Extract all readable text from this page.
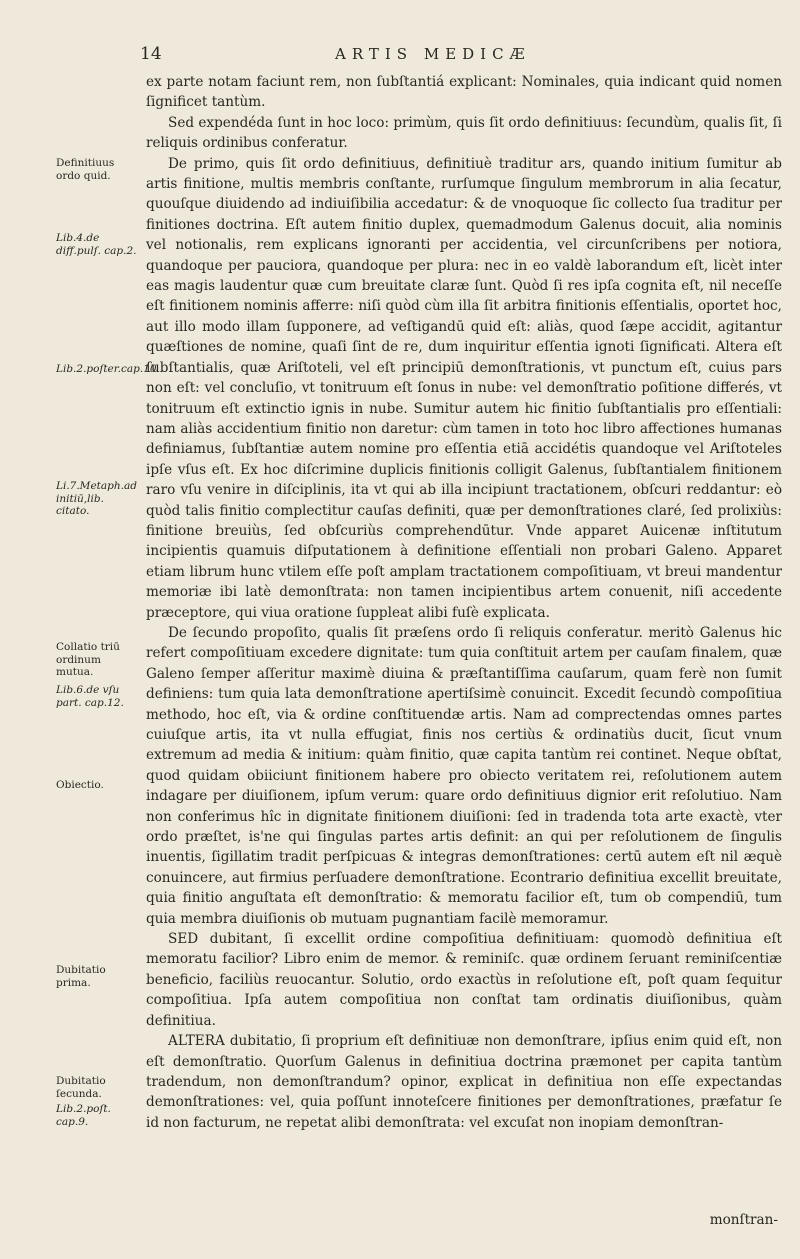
14	ARTIS MEDICÆ

ex parte notam faciunt rem, non ſubſtantiá explicant: Nominales, quia indicant quid nomen ſignificet tantùm.

Sed expendéda ſunt in hoc loco: primùm, quis ſit ordo definitiuus: ſecundùm, qualis ſit, ſi reliquis ordinibus conferatur.

De primo, quis ſit ordo definitiuus, definitiuè traditur ars, quando initium ſumitur ab artis finitione, multis membris conſtante, rurſumque ſingulum membrorum in alia ſecatur, quouſque diuidendo ad indiuiſibilia accedatur: & de vnoquoque ſic collecto ſua traditur per finitiones doctrina. Eſt autem finitio duplex, quemadmodum Galenus docuit, alia nominis vel notionalis, rem explicans ignoranti per accidentia, vel circunſcribens per notiora, quandoque per pauciora, quandoque per plura: nec in eo valdè laborandum eſt, licèt inter eas magis laudentur quæ cum breuitate claræ ſunt. Quòd ſi res ipſa cognita eſt, nil neceſſe eſt finitionem nominis afferre: niſi quòd cùm illa ſit arbitra finitionis eſſentialis, oportet hoc, aut illo modo illam ſupponere, ad veſtigandū quid eſt: aliàs, quod ſæpe accidit, agitantur quæſtiones de nomine, quaſi ſint de re, dum inquiritur eſſentia ignoti ſignificati. Altera eſt ſubſtantialis, quæ Ariſtoteli, vel eſt principiū demonſtrationis, vt punctum eſt, cuius pars non eſt: vel concluſio, vt tonitruum eſt ſonus in nube: vel demonſtratio poſitione differés, vt tonitruum eſt extinctio ignis in nube. Sumitur autem hic finitio ſubſtantialis pro eſſentiali: nam aliàs accidentium finitio non daretur: cùm tamen in toto hoc libro affectiones humanas definiamus, ſubſtantiæ autem nomine pro eſſentia etiā accidétis quandoque vel Ariſtoteles ipſe vſus eſt. Ex hoc diſcrimine duplicis finitionis colligit Galenus, ſubſtantialem finitionem raro vſu venire in diſciplinis, ita vt qui ab illa incipiunt tractationem, obſcuri reddantur: eò quòd talis finitio complectitur cauſas definiti, quæ per demonſtrationes claré, ſed prolixiùs: finitione breuiùs, ſed obſcuriùs comprehendūtur. Vnde apparet Auicenæ inſtitutum incipientis quamuis diſputationem à definitione eſſentiali non probari Galeno. Apparet etiam librum hunc vtilem eſſe poſt amplam tractationem compoſitiuam, vt breui mandentur memoriæ ibi latè demonſtrata: non tamen incipientibus artem conuenit, niſi accedente præceptore, qui viua oratione ſuppleat alibi fuſè explicata.

De ſecundo propoſito, qualis ſit præſens ordo ſi reliquis conferatur. meritò Galenus hic refert compoſitiuam excedere dignitate: tum quia conſtituit artem per cauſam finalem, quæ Galeno ſemper aſſeritur maximè diuina & præſtantiſſima cauſarum, quam ferè non ſumit definiens: tum quia lata demonſtratione apertiſsimè conuincit. Excedit ſecundò compoſitiua methodo, hoc eſt, via & ordine conſtituendæ artis. Nam ad comprectendas omnes partes cuiuſque artis, ita vt nulla effugiat, finis nos certiùs & ordinatiùs ducit, ſicut vnum extremum ad media & initium: quàm finitio, quæ capita tantùm rei continet. Neque obſtat, quod quidam obiiciunt finitionem habere pro obiecto veritatem rei, reſolutionem autem indagare per diuiſionem, ipſum verum: quare ordo definitiuus dignior erit reſolutiuo. Nam non conferimus hîc in dignitate finitionem diuiſioni: ſed in tradenda tota arte exactè, vter ordo præſtet, is'ne qui ſingulas partes artis definit: an qui per reſolutionem de ſingulis inuentis, ſigillatim tradit perſpicuas & integras demonſtrationes: certū autem eſt nil æquè conuincere, aut firmius perſuadere demonſtratione. Econtrario definitiua excellit breuitate, quia finitio anguſtata eſt demonſtratio: & memoratu facilior eſt, tum ob compendiū, tum quia membra diuiſionis ob mutuam pugnantiam facilè memoramur.

SED dubitant, ſi excellit ordine compoſitiua definitiuam: quomodò definitiua eſt memoratu facilior? Libro enim de memor. & reminiſc. quæ ordinem ſeruant reminiſcentiæ beneficio, faciliùs reuocantur. Solutio, ordo exactùs in reſolutione eſt, poſt quam ſequitur compoſitiua. Ipſa autem compoſitiua non conſtat tam ordinatis diuiſionibus, quàm definitiua.

ALTERA dubitatio, ſi proprium eſt definitiuæ non demonſtrare, ipſius enim quid eſt, non eſt demonſtratio. Quorſum Galenus in definitiua doctrina præmonet per capita tantùm tradendum, non demonſtrandum? opinor, explicat in definitiua non eſſe expectandas demonſtrationes: vel, quia poſſunt innoteſcere finitiones per demonſtrationes, præfatur ſe id non facturum, ne repetat alibi demonſtrata: vel excuſat non inopiam demonſtran-

Definitiuus ordo quid.
Lib.4.de diff.pulſ. cap.2.
Lib.2.poſter.cap.10
Li.7.Metaph.ad initiū,lib. citato.
Collatio triū ordinum mutua.
Lib.6.de vſu part. cap.12.
Obiectio.
Dubitatio prima.
Dubitatio ſecunda.
Lib.2.poſt. cap.9.
monſtran-
